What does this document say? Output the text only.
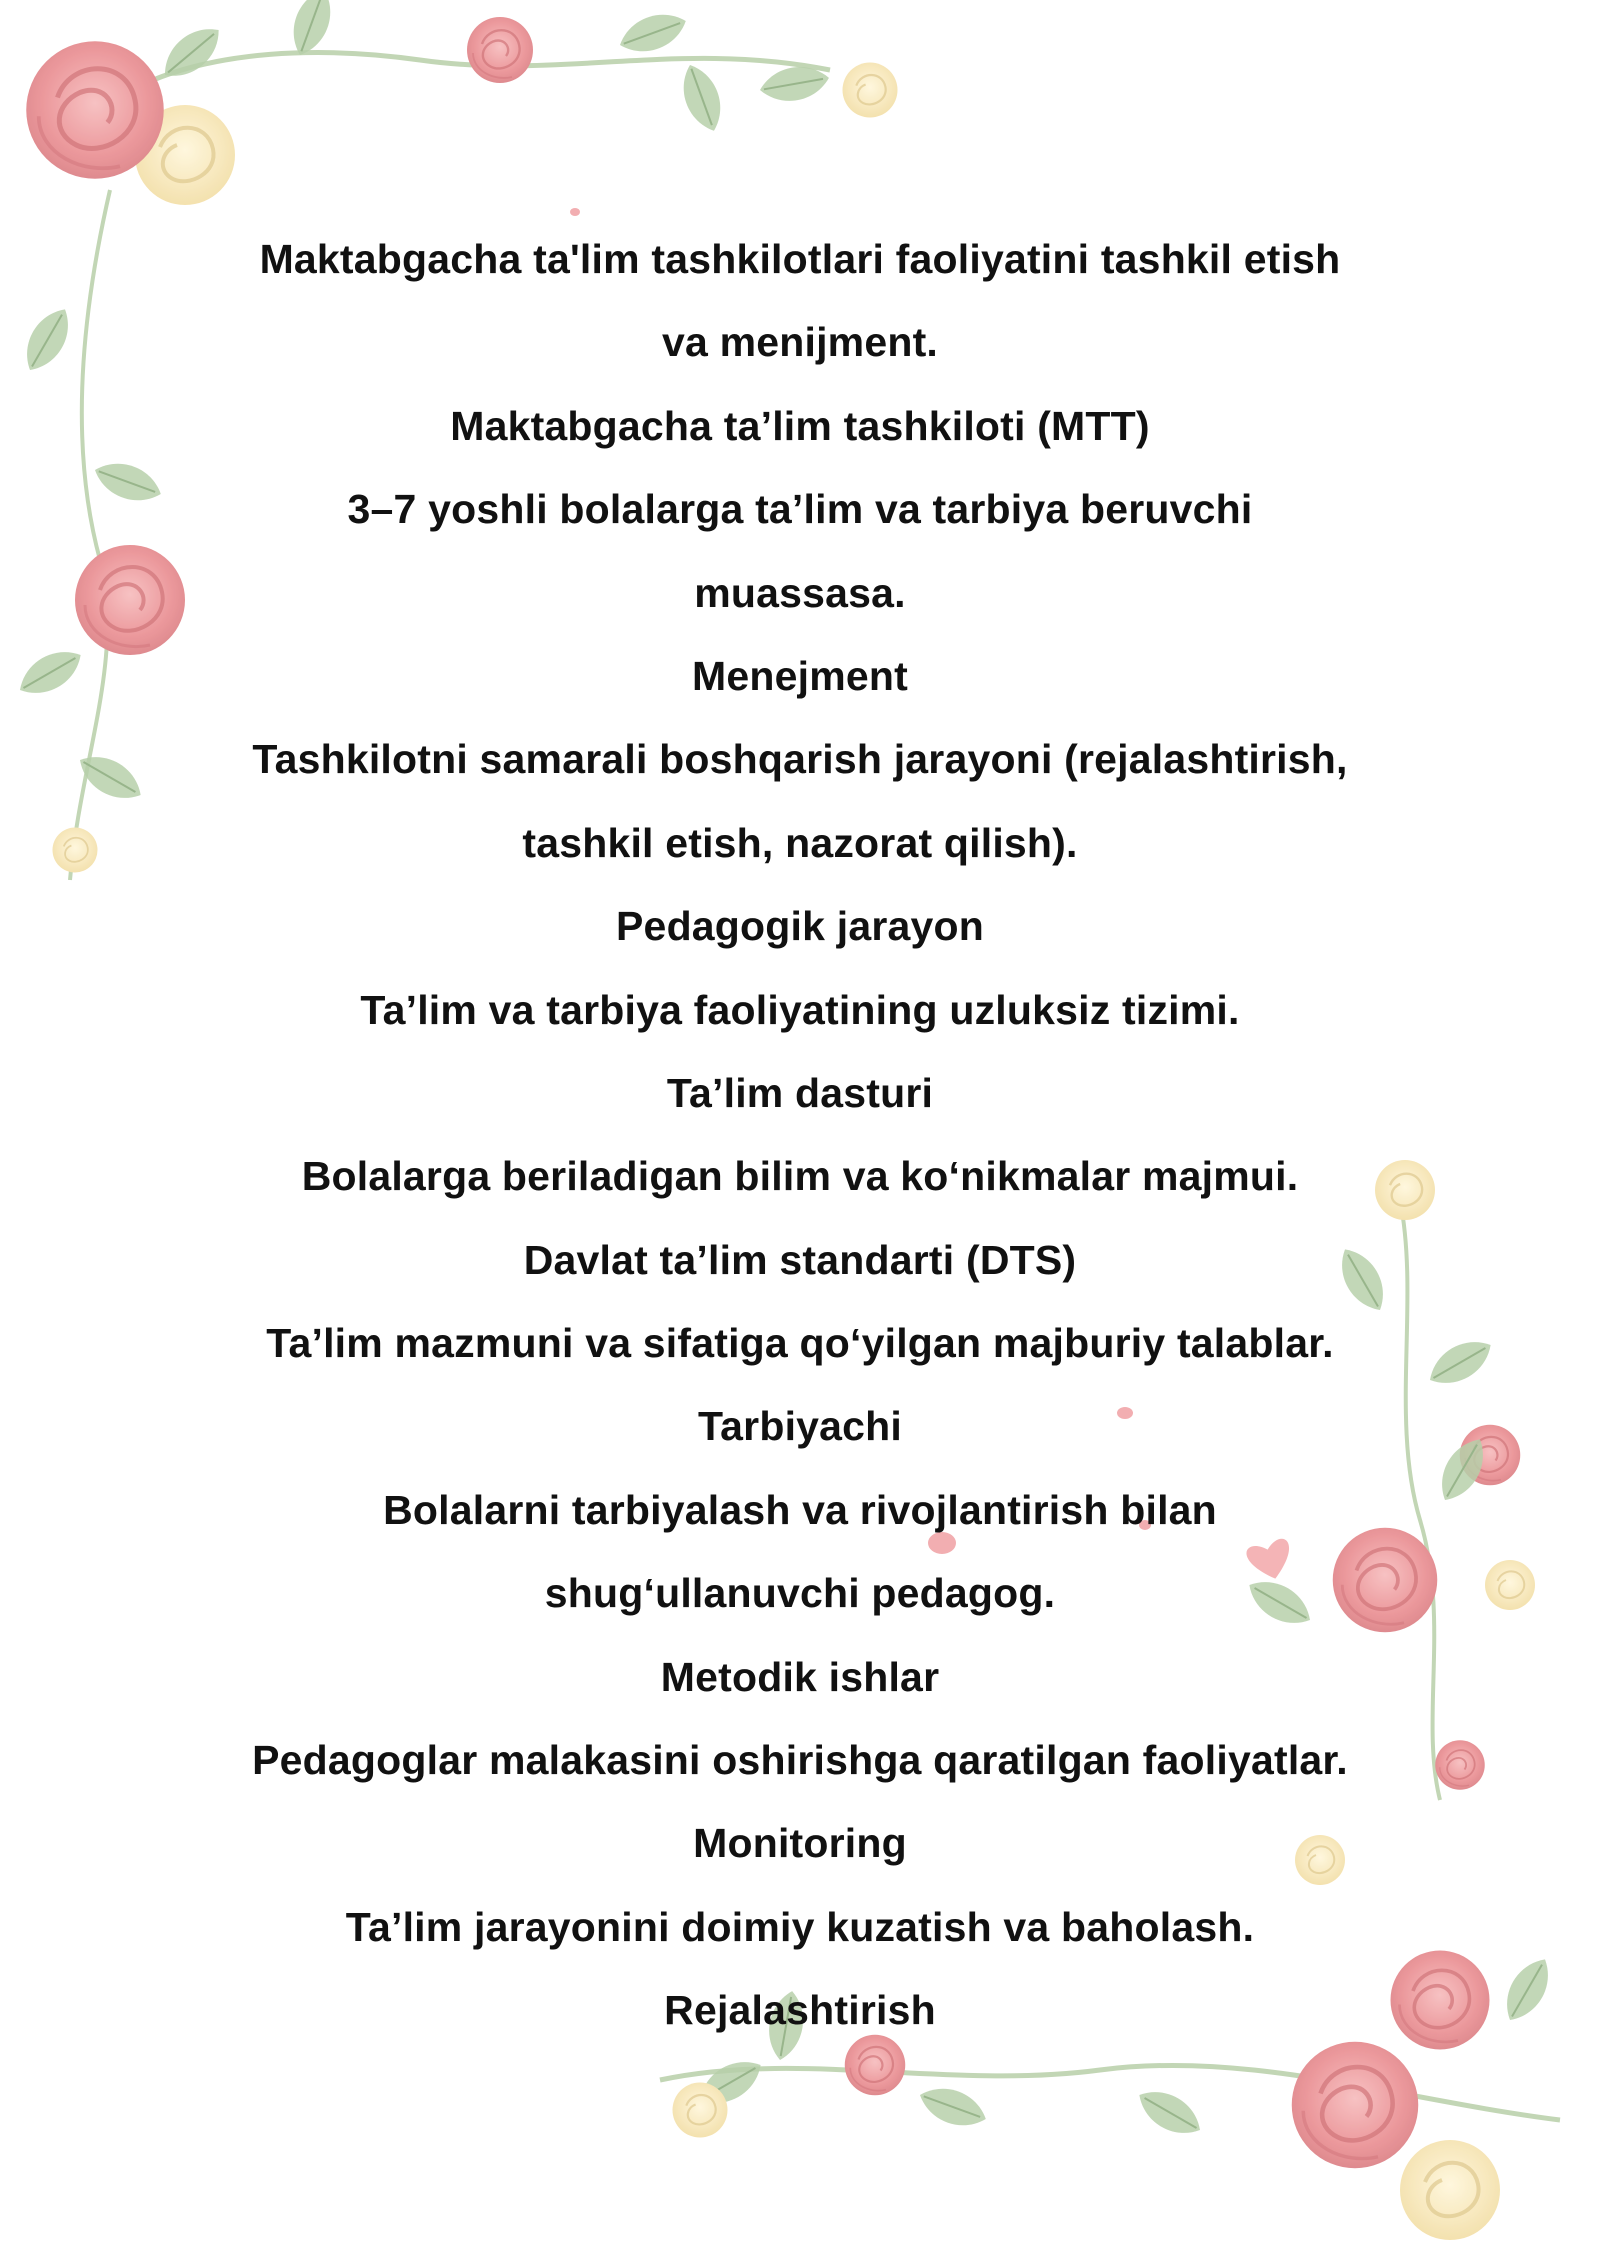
Maktabgacha ta'lim tashkilotlari faoliyatini tashkil etish
va menijment.
Maktabgacha ta’lim tashkiloti (MTT)
3–7 yoshli bolalarga ta’lim va tarbiya beruvchi
muassasa.
Menejment
Tashkilotni samarali boshqarish jarayoni (rejalashtirish,
tashkil etish, nazorat qilish).
Pedagogik jarayon
Ta’lim va tarbiya faoliyatining uzluksiz tizimi.
Ta’lim dasturi
Bolalarga beriladigan bilim va ko‘nikmalar majmui.
Davlat ta’lim standarti (DTS)
Ta’lim mazmuni va sifatiga qo‘yilgan majburiy talablar.
Tarbiyachi
Bolalarni tarbiyalash va rivojlantirish bilan
shug‘ullanuvchi pedagog.
Metodik ishlar
Pedagoglar malakasini oshirishga qaratilgan faoliyatlar.
Monitoring
Ta’lim jarayonini doimiy kuzatish va baholash.
Rejalashtirish
